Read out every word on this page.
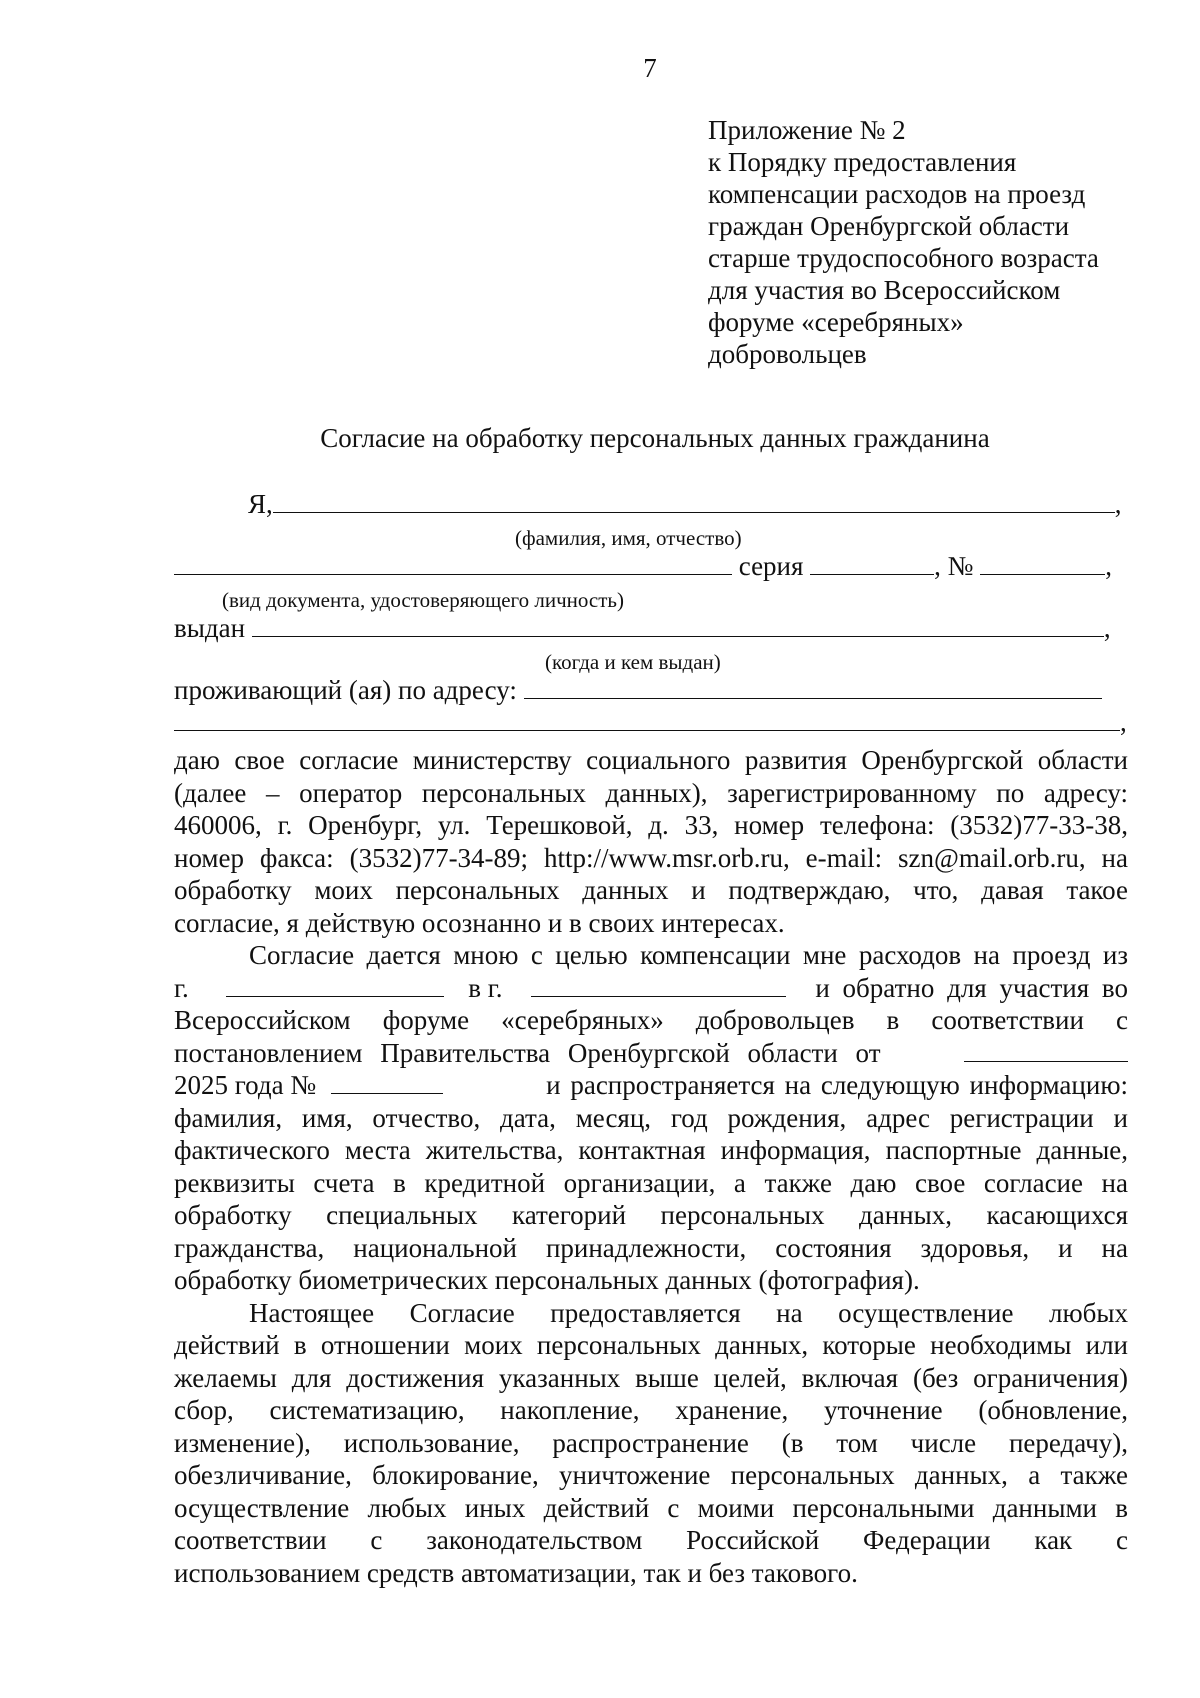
7
Приложение № 2
к Порядку предоставления
компенсации расходов на проезд
граждан Оренбургской области
старше трудоспособного возраста
для участия во Всероссийском
форуме «серебряных»
добровольцев
Согласие на обработку персональных данных гражданина
Я,	,
(фамилия, имя, отчество)
серия	, №	,
(вид документа, удостоверяющего личность)
выдан	,
(когда и кем выдан)
проживающий (ая) по адресу:
,
даю свое согласие министерству социального развития Оренбургской области
(далее – оператор персональных данных), зарегистрированному по адресу:
460006, г. Оренбург, ул. Терешковой, д. 33, номер телефона: (3532)77-33-38,
номер факса: (3532)77-34-89; http://www.msr.orb.ru, e-mail: szn@mail.orb.ru, на
обработку моих персональных данных и подтверждаю, что, давая такое
согласие, я действую осознанно и в своих интересах.
Согласие дается мною с целью компенсации мне расходов на проезд из
г.	в г.	и обратно для участия во
Всероссийском форуме «серебряных» добровольцев в соответствии с
постановлением Правительства Оренбургской области от
2025 года №	и распространяется на следующую информацию:
фамилия, имя, отчество, дата, месяц, год рождения, адрес регистрации и
фактического места жительства, контактная информация, паспортные данные,
реквизиты счета в кредитной организации, а также даю свое согласие на
обработку специальных категорий персональных данных, касающихся
гражданства, национальной принадлежности, состояния здоровья, и на
обработку биометрических персональных данных (фотография).
Настоящее Согласие предоставляется на осуществление любых
действий в отношении моих персональных данных, которые необходимы или
желаемы для достижения указанных выше целей, включая (без ограничения)
сбор, систематизацию, накопление, хранение, уточнение (обновление,
изменение), использование, распространение (в том числе передачу),
обезличивание, блокирование, уничтожение персональных данных, а также
осуществление любых иных действий с моими персональными данными в
соответствии с законодательством Российской Федерации как с
использованием средств автоматизации, так и без такового.
